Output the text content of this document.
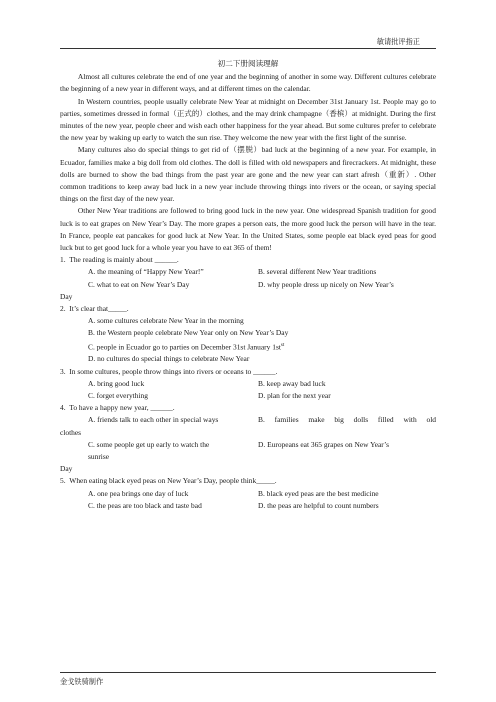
敏请批评指正
初二下册阅读理解

Almost all cultures celebrate the end of one year and the beginning of another in some way. Different cultures celebrate the beginning of a new year in different ways, and at different times on the calendar.

In Western countries, people usually celebrate New Year at midnight on December 31st January 1st. People may go to parties, sometimes dressed in formal（正式的）clothes, and the may drink champagne（香槟）at midnight. During the first minutes of the new year, people cheer and wish each other happiness for the year ahead. But some cultures prefer to celebrate the new year by waking up early to watch the sun rise. They welcome the new year with the first light of the sunrise.

Many cultures also do special things to get rid of（摆脱）bad luck at the beginning of a new year. For example, in Ecuador, families make a big doll from old clothes. The doll is filled with old newspapers and firecrackers. At midnight, these dolls are burned to show the bad things from the past year are gone and the new year can start afresh（重新）. Other common traditions to keep away bad luck in a new year include throwing things into rivers or the ocean, or saying special things on the first day of the new year.

Other New Year traditions are followed to bring good luck in the new year. One widespread Spanish tradition for good luck is to eat grapes on New Year’s Day. The more grapes a person eats, the more good luck the person will have in the tear. In France, people eat pancakes for good luck at New Year. In the United States, some people eat black eyed peas for good luck but to get good luck for a whole year you have to eat 365 of them!

1.  The reading is mainly about ______.

A. the meaning of “Happy New Year!”	B. several different New Year traditions

C. what to eat on New Year’s Day	D. why people dress up nicely on New Year’s

Day

2.  It’s clear that_____.

A. some cultures celebrate New Year in the morning

B. the Western people celebrate New Year only on New Year’s Day

C. people in Ecuador go to parties on December 31st January $1st^{st}$

D. no cultures do special things to celebrate New Year

3.  In some cultures, people throw things into rivers or oceans to ______.

A. bring good luck	B. keep away bad luck

C. forget everything	D. plan for the next year

4.  To have a happy new year, ______.

A. friends talk to each other in special ways	B. families make big dolls filled with old

clothes

C. some people get up early to watch the sunrise

D. Europeans eat 365 grapes on New Year’s

Day

5.  When eating black eyed peas on New Year’s Day, people think_____.

A. one pea brings one day of luck	B. black eyed peas are the best medicine

C. the peas are too black and taste bad	D. the peas are helpful to count numbers

金戈铁骑制作
